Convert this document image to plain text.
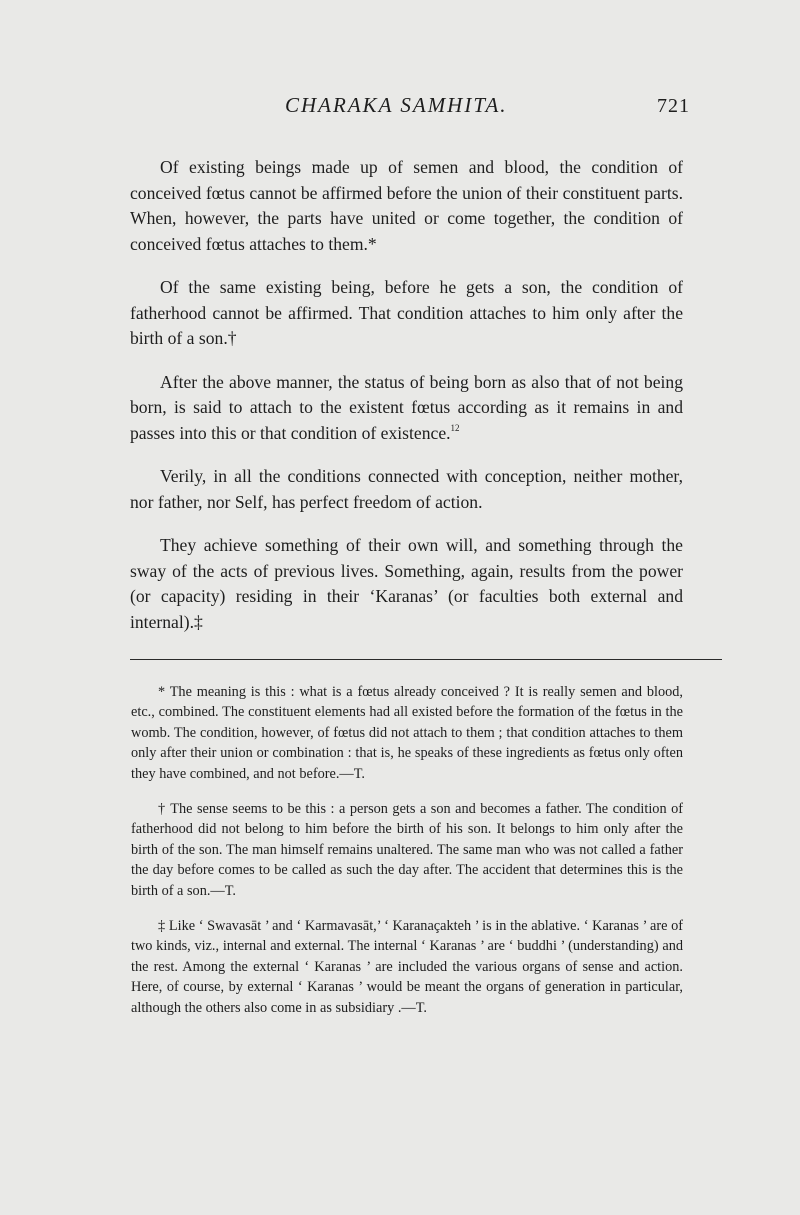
CHARAKA SAMHITA.	721

Of existing beings made up of semen and blood, the condition of conceived fœtus cannot be affirmed before the union of their constituent parts. When, however, the parts have united or come together, the condition of conceived fœtus attaches to them.*

Of the same existing being, before he gets a son, the condition of fatherhood cannot be affirmed. That condition attaches to him only after the birth of a son.†

After the above manner, the status of being born as also that of not being born, is said to attach to the existent fœtus according as it remains in and passes into this or that condition of existence.$^{12}$

Verily, in all the conditions connected with conception, neither mother, nor father, nor Self, has perfect freedom of action.

They achieve something of their own will, and something through the sway of the acts of previous lives. Something, again, results from the power (or capacity) residing in their ‘Karanas’ (or faculties both external and internal).‡

* The meaning is this : what is a fœtus already conceived ? It is really semen and blood, etc., combined. The constituent elements had all existed before the formation of the fœtus in the womb. The condition, however, of fœtus did not attach to them ; that condition attaches to them only after their union or combination : that is, he speaks of these ingredients as fœtus only often they have combined, and not before.—T.

† The sense seems to be this : a person gets a son and becomes a father. The condition of fatherhood did not belong to him before the birth of his son. It belongs to him only after the birth of the son. The man himself remains unaltered. The same man who was not called a father the day before comes to be called as such the day after. The accident that determines this is the birth of a son.—T.

‡ Like ‘ Swavasāt ’ and ‘ Karmavasāt,’ ‘ Karanaçakteh ’ is in the ablative. ‘ Karanas ’ are of two kinds, viz., internal and external. The internal ‘ Karanas ’ are ‘ buddhi ’ (understanding) and the rest. Among the external ‘ Karanas ’ are included the various organs of sense and action. Here, of course, by external ‘ Karanas ’ would be meant the organs of generation in particular, although the others also come in as subsidiary .—T.
